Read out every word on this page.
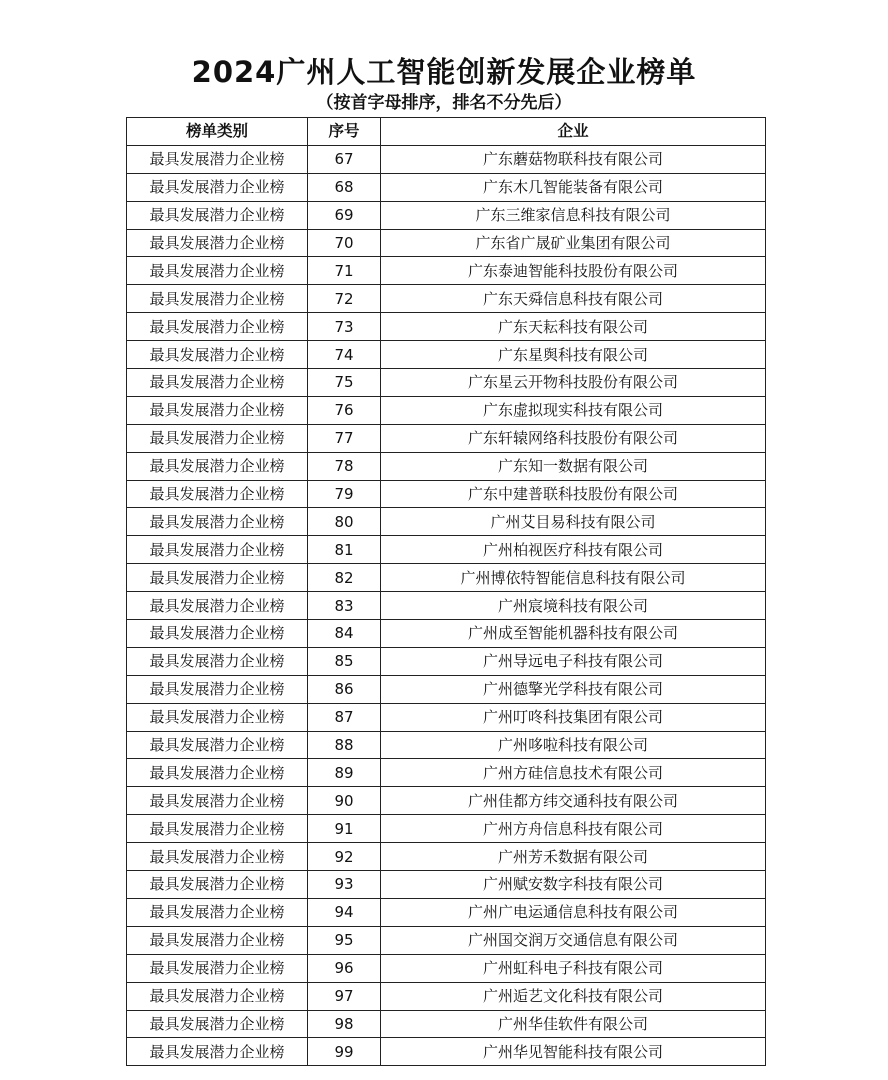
2024广州人工智能创新发展企业榜单
（按首字母排序，排名不分先后）
榜单类别	序号	企业
最具发展潜力企业榜	67	广东蘑菇物联科技有限公司
最具发展潜力企业榜	68	广东木几智能装备有限公司
最具发展潜力企业榜	69	广东三维家信息科技有限公司
最具发展潜力企业榜	70	广东省广晟矿业集团有限公司
最具发展潜力企业榜	71	广东泰迪智能科技股份有限公司
最具发展潜力企业榜	72	广东天舜信息科技有限公司
最具发展潜力企业榜	73	广东天耘科技有限公司
最具发展潜力企业榜	74	广东星舆科技有限公司
最具发展潜力企业榜	75	广东星云开物科技股份有限公司
最具发展潜力企业榜	76	广东虚拟现实科技有限公司
最具发展潜力企业榜	77	广东轩辕网络科技股份有限公司
最具发展潜力企业榜	78	广东知一数据有限公司
最具发展潜力企业榜	79	广东中建普联科技股份有限公司
最具发展潜力企业榜	80	广州艾目易科技有限公司
最具发展潜力企业榜	81	广州柏视医疗科技有限公司
最具发展潜力企业榜	82	广州博依特智能信息科技有限公司
最具发展潜力企业榜	83	广州宸境科技有限公司
最具发展潜力企业榜	84	广州成至智能机器科技有限公司
最具发展潜力企业榜	85	广州导远电子科技有限公司
最具发展潜力企业榜	86	广州德擎光学科技有限公司
最具发展潜力企业榜	87	广州叮咚科技集团有限公司
最具发展潜力企业榜	88	广州哆啦科技有限公司
最具发展潜力企业榜	89	广州方硅信息技术有限公司
最具发展潜力企业榜	90	广州佳都方纬交通科技有限公司
最具发展潜力企业榜	91	广州方舟信息科技有限公司
最具发展潜力企业榜	92	广州芳禾数据有限公司
最具发展潜力企业榜	93	广州赋安数字科技有限公司
最具发展潜力企业榜	94	广州广电运通信息科技有限公司
最具发展潜力企业榜	95	广州国交润万交通信息有限公司
最具发展潜力企业榜	96	广州虹科电子科技有限公司
最具发展潜力企业榜	97	广州逅艺文化科技有限公司
最具发展潜力企业榜	98	广州华佳软件有限公司
最具发展潜力企业榜	99	广州华见智能科技有限公司
